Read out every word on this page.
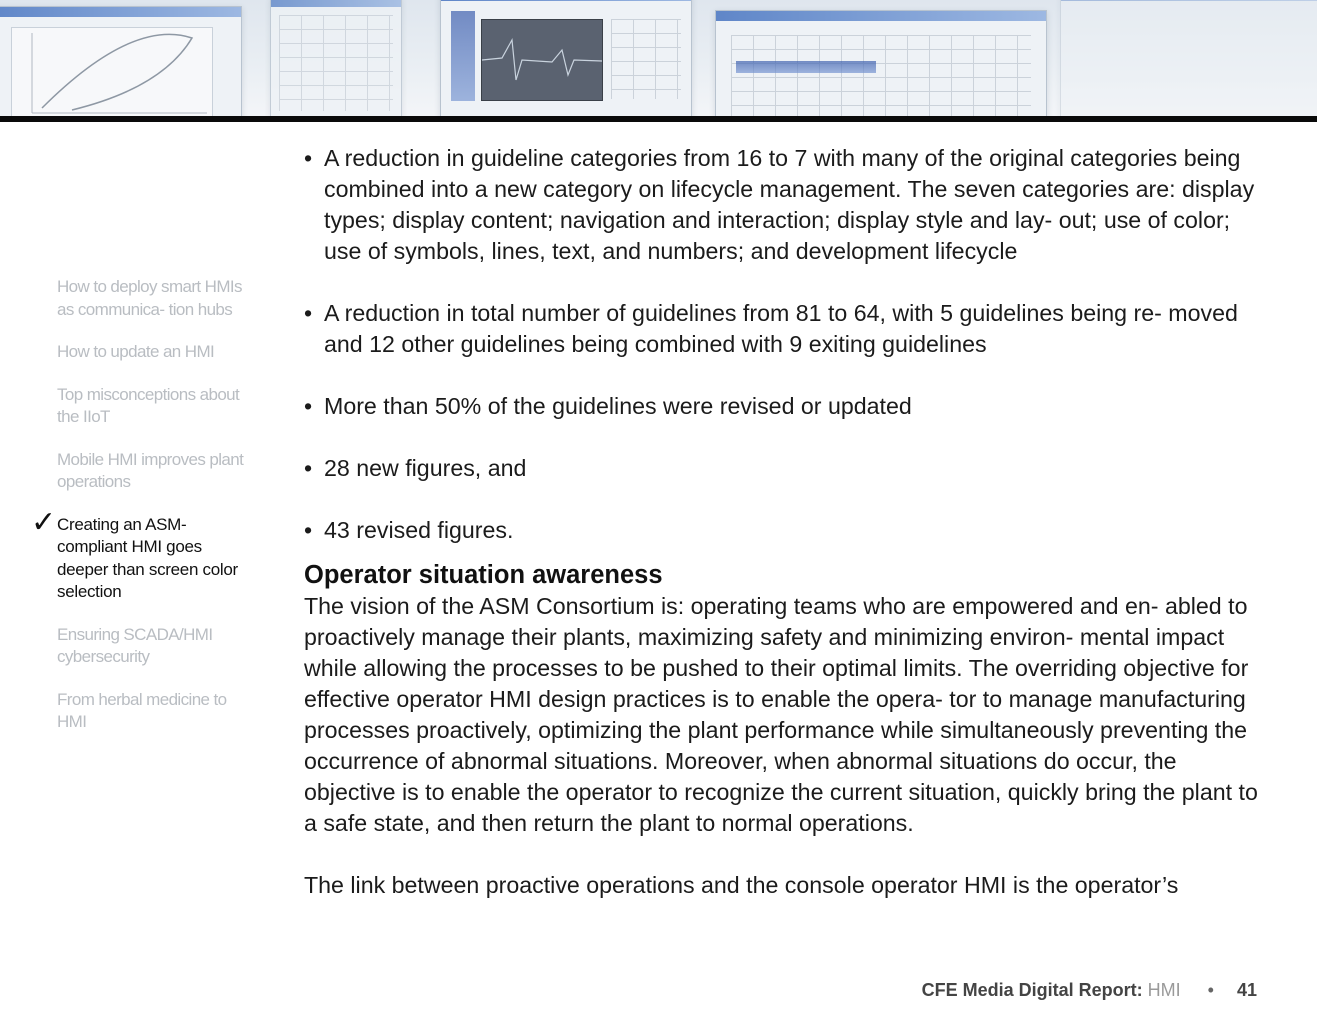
How to deploy smart HMIs as communica- tion hubs
How to update an HMI
Top misconceptions about the IIoT
Mobile HMI improves plant operations
✓ Creating an ASM- compliant HMI goes deeper than screen color selection
Ensuring SCADA/HMI cybersecurity
From herbal medicine to HMI
• A reduction in guideline categories from 16 to 7 with many of the original categories being combined into a new category on lifecycle management. The seven categories are: display types; display content; navigation and interaction; display style and lay- out; use of color; use of symbols, lines, text, and numbers; and development lifecycle
• A reduction in total number of guidelines from 81 to 64, with 5 guidelines being re- moved and 12 other guidelines being combined with 9 exiting guidelines
• More than 50% of the guidelines were revised or updated
• 28 new figures, and
• 43 revised figures.
Operator situation awareness

The vision of the ASM Consortium is: operating teams who are empowered and en- abled to proactively manage their plants, maximizing safety and minimizing environ- mental impact while allowing the processes to be pushed to their optimal limits. The overriding objective for effective operator HMI design practices is to enable the opera- tor to manage manufacturing processes proactively, optimizing the plant performance while simultaneously preventing the occurrence of abnormal situations. Moreover, when abnormal situations do occur, the objective is to enable the operator to recognize the current situation, quickly bring the plant to a safe state, and then return the plant to normal operations.

The link between proactive operations and the console operator HMI is the operator’s

CFE Media Digital Report: HMI • 41
